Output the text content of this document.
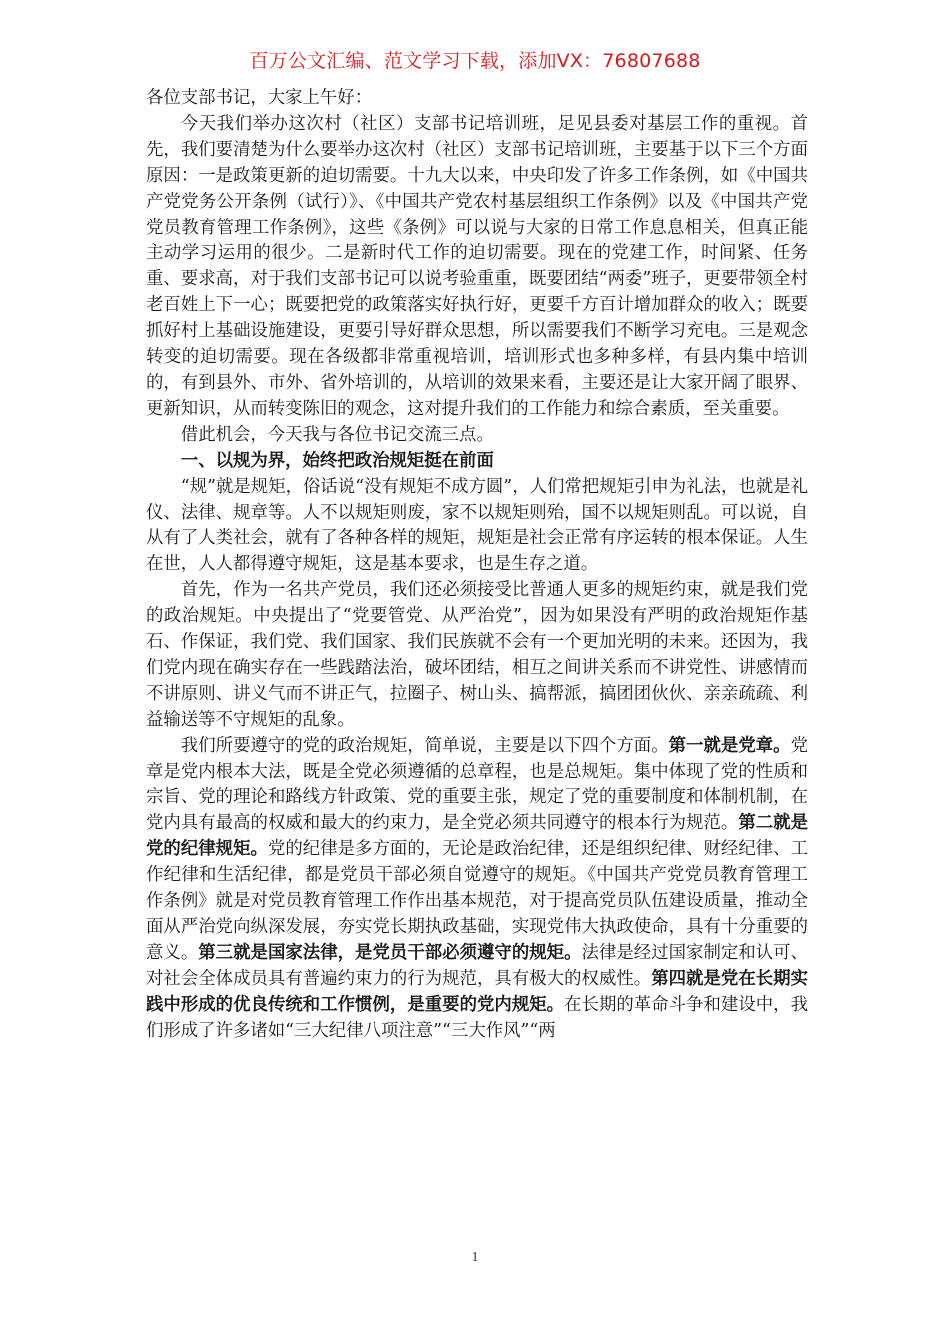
百万公文汇编、范文学习下载，添加VX：76807688

各位支部书记，大家上午好：

今天我们举办这次村（社区）支部书记培训班，足见县委对基层工作的重视。首先，我们要清楚为什么要举办这次村（社区）支部书记培训班，主要基于以下三个方面原因：一是政策更新的迫切需要。十九大以来，中央印发了许多工作条例，如《中国共产党党务公开条例（试行）》、《中国共产党农村基层组织工作条例》以及《中国共产党党员教育管理工作条例》，这些《条例》可以说与大家的日常工作息息相关，但真正能主动学习运用的很少。二是新时代工作的迫切需要。现在的党建工作，时间紧、任务重、要求高，对于我们支部书记可以说考验重重，既要团结“两委”班子，更要带领全村老百姓上下一心；既要把党的政策落实好执行好，更要千方百计增加群众的收入；既要抓好村上基础设施建设，更要引导好群众思想，所以需要我们不断学习充电。三是观念转变的迫切需要。现在各级都非常重视培训，培训形式也多种多样，有县内集中培训的，有到县外、市外、省外培训的，从培训的效果来看，主要还是让大家开阔了眼界、更新知识，从而转变陈旧的观念，这对提升我们的工作能力和综合素质，至关重要。

借此机会，今天我与各位书记交流三点。

一、以规为界，始终把政治规矩挺在前面

“规”就是规矩，俗话说“没有规矩不成方圆”，人们常把规矩引申为礼法，也就是礼仪、法律、规章等。人不以规矩则废，家不以规矩则殆，国不以规矩则乱。可以说，自从有了人类社会，就有了各种各样的规矩，规矩是社会正常有序运转的根本保证。人生在世，人人都得遵守规矩，这是基本要求，也是生存之道。

首先，作为一名共产党员，我们还必须接受比普通人更多的规矩约束，就是我们党的政治规矩。中央提出了“党要管党、从严治党”，因为如果没有严明的政治规矩作基石、作保证，我们党、我们国家、我们民族就不会有一个更加光明的未来。还因为，我们党内现在确实存在一些践踏法治，破坏团结，相互之间讲关系而不讲党性、讲感情而不讲原则、讲义气而不讲正气，拉圈子、树山头、搞帮派，搞团团伙伙、亲亲疏疏、利益输送等不守规矩的乱象。

我们所要遵守的党的政治规矩，简单说，主要是以下四个方面。第一就是党章。党章是党内根本大法，既是全党必须遵循的总章程，也是总规矩。集中体现了党的性质和宗旨、党的理论和路线方针政策、党的重要主张，规定了党的重要制度和体制机制，在党内具有最高的权威和最大的约束力，是全党必须共同遵守的根本行为规范。第二就是党的纪律规矩。党的纪律是多方面的，无论是政治纪律，还是组织纪律、财经纪律、工作纪律和生活纪律，都是党员干部必须自觉遵守的规矩。《中国共产党党员教育管理工作条例》就是对党员教育管理工作作出基本规范，对于提高党员队伍建设质量，推动全面从严治党向纵深发展，夯实党长期执政基础，实现党伟大执政使命，具有十分重要的意义。第三就是国家法律，是党员干部必须遵守的规矩。法律是经过国家制定和认可、对社会全体成员具有普遍约束力的行为规范，具有极大的权威性。第四就是党在长期实践中形成的优良传统和工作惯例，是重要的党内规矩。在长期的革命斗争和建设中，我们形成了许多诸如“三大纪律八项注意”“三大作风”“两

1
